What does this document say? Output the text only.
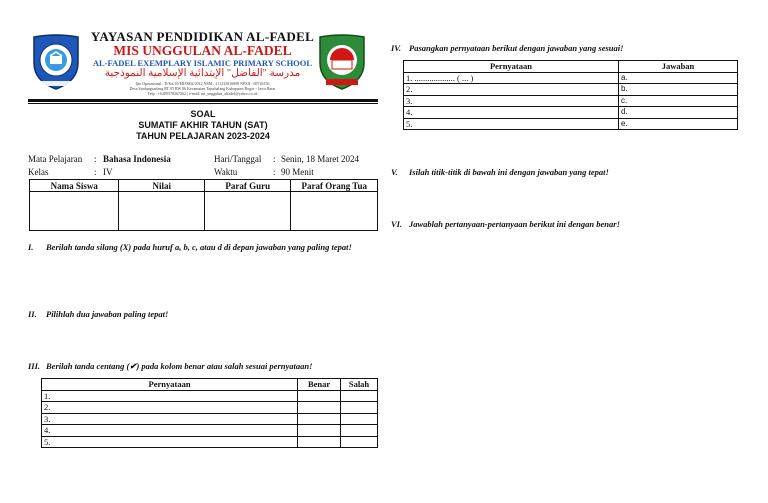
YAYASAN PENDIDIKAN AL-FADEL
MIS UNGGULAN AL-FADEL
AL-FADEL EXEMPLARY ISLAMIC PRIMARY SCHOOL
مدرسة "الفاضل" الإبتدائية الإسلامية النموذجية
Ijin Operasional : D/Kd.10/MI/0602/2012 NSM : 111232010008 NPSN : 69726156
Desa Sindangsarlang RT 05 RW 06 Kecamatan Tajurhalang Kabupaten Bogor - Jawa Barat
Telp : +6289578267262 | e-mail: mi_unggulan_alfadel@yahoo.co.id
SOAL
SUMATIF AKHIR TAHUN (SAT)
TAHUN PELAJARAN 2023-2024
Mata Pelajaran : Bahasa Indonesia
Kelas	: IV
Hari/Tanggal : Senin, 18 Maret 2024
Waktu	: 90 Menit
Nama Siswa	Nilai	Paraf Guru	Paraf Orang Tua

I. Berilah tanda silang (X) pada huruf a, b, c, atau d di depan jawaban yang paling tepat!
II. Pilihlah dua jawaban paling tepat!
III. Berilah tanda centang (✔) pada kolom benar atau salah sesuai pernyataan!
Pernyataan	Benar	Salah
1.		
2.		
3.		
4.		
5.		
IV. Pasangkan pernyataan berikut dengan jawaban yang sesuai!
Pernyataan	Jawaban
1. ................... ( ... )	a.
2.	b.
3.	c.
4.	d.
5.	e.
V. Isilah titik-titik di bawah ini dengan jawaban yang tepat!
VI. Jawablah pertanyaan-pertanyaan berikut ini dengan benar!
